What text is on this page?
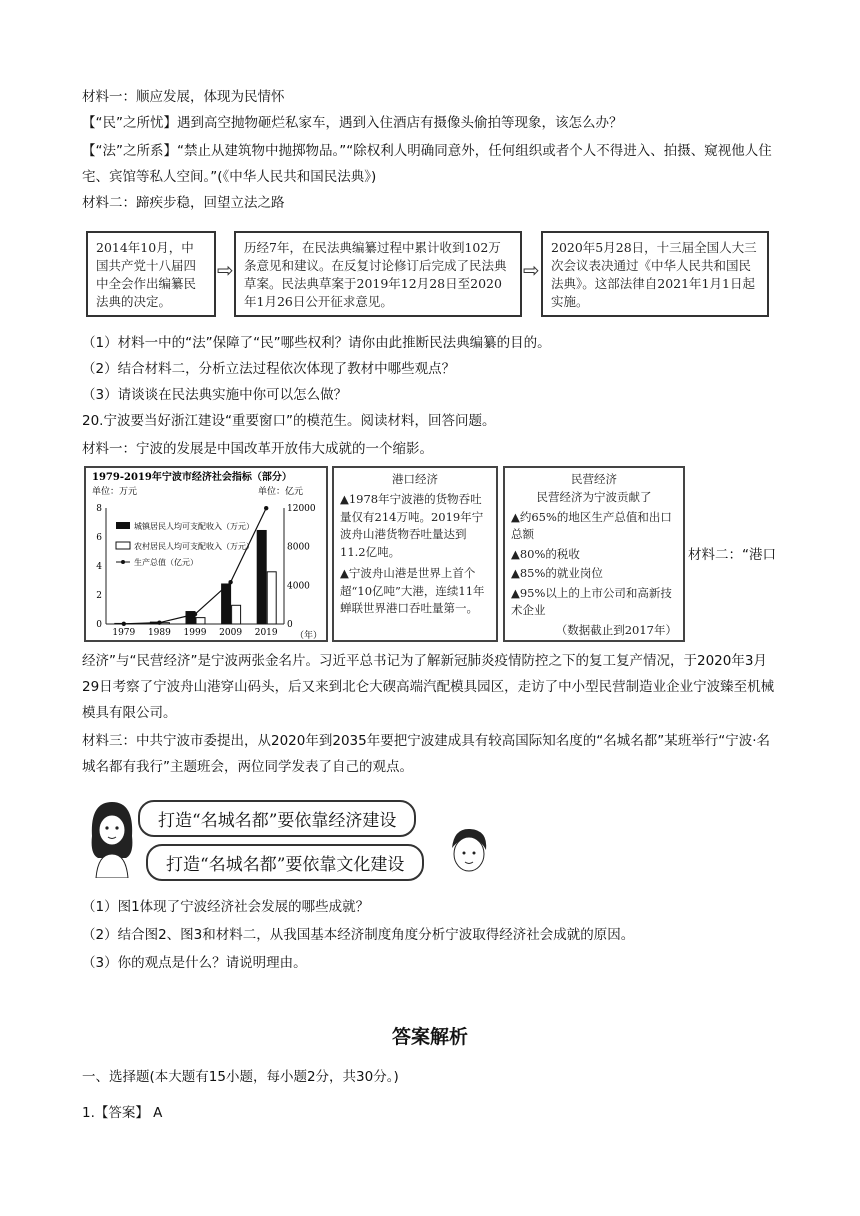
材料一：顺应发展，体现为民情怀
【“民”之所忧】遇到高空抛物砸烂私家车，遇到入住酒店有摄像头偷拍等现象，该怎么办？
【“法”之所系】“禁止从建筑物中抛掷物品。”“除权利人明确同意外，任何组织或者个人不得进入、拍摄、窥视他人住宅、宾馆等私人空间。”(《中华人民共和国民法典》)
材料二：蹄疾步稳，回望立法之路
2014年10月，中国共产党十八届四中全会作出编纂民法典的决定。
⇨
历经7年，在民法典编纂过程中累计收到102万条意见和建议。在反复讨论修订后完成了民法典草案。民法典草案于2019年12月28日至2020年1月26日公开征求意见。
⇨
2020年5月28日，十三届全国人大三次会议表决通过《中华人民共和国民法典》。这部法律自2021年1月1日起实施。
（1）材料一中的“法”保障了“民”哪些权利？请你由此推断民法典编纂的目的。
（2）结合材料二，分析立法过程依次体现了教材中哪些观点？
（3）请谈谈在民法典实施中你可以怎么做？
20.宁波要当好浙江建设“重要窗口”的模范生。阅读材料，回答问题。
材料一：宁波的发展是中国改革开放伟大成就的一个缩影。
1979-2019年宁波市经济社会指标（部分）
单位：万元	单位：亿元
（年）
0
2
4
6
8
0
4000
8000
12000
1979 1989 1999 2009 2019
城镇居民人均可支配收入（万元）
农村居民人均可支配收入（万元）
生产总值（亿元）
港口经济
▲1978年宁波港的货物吞吐量仅有214万吨。2019年宁波舟山港货物吞吐量达到11.2亿吨。
▲宁波舟山港是世界上首个超“10亿吨”大港，连续11年蝉联世界港口吞吐量第一。
民营经济
民营经济为宁波贡献了
▲约65%的地区生产总值和出口总额
▲80%的税收
▲85%的就业岗位
▲95%以上的上市公司和高新技术企业
（数据截止到2017年）
材料二：“港口
经济”与“民营经济”是宁波两张金名片。习近平总书记为了解新冠肺炎疫情防控之下的复工复产情况，于2020年3月29日考察了宁波舟山港穿山码头，后又来到北仑大碶高端汽配模具园区，走访了中小型民营制造业企业宁波臻至机械模具有限公司。
材料三：中共宁波市委提出，从2020年到2035年要把宁波建成具有较高国际知名度的“名城名都”某班举行“宁波·名城名都有我行”主题班会，两位同学发表了自己的观点。
打造“名城名都”要依靠经济建设
打造“名城名都”要依靠文化建设
（1）图1体现了宁波经济社会发展的哪些成就？
（2）结合图2、图3和材料二，从我国基本经济制度角度分析宁波取得经济社会成就的原因。
（3）你的观点是什么？请说明理由。
答案解析
一、选择题(本大题有15小题，每小题2分，共30分。)
1.【答案】 A
